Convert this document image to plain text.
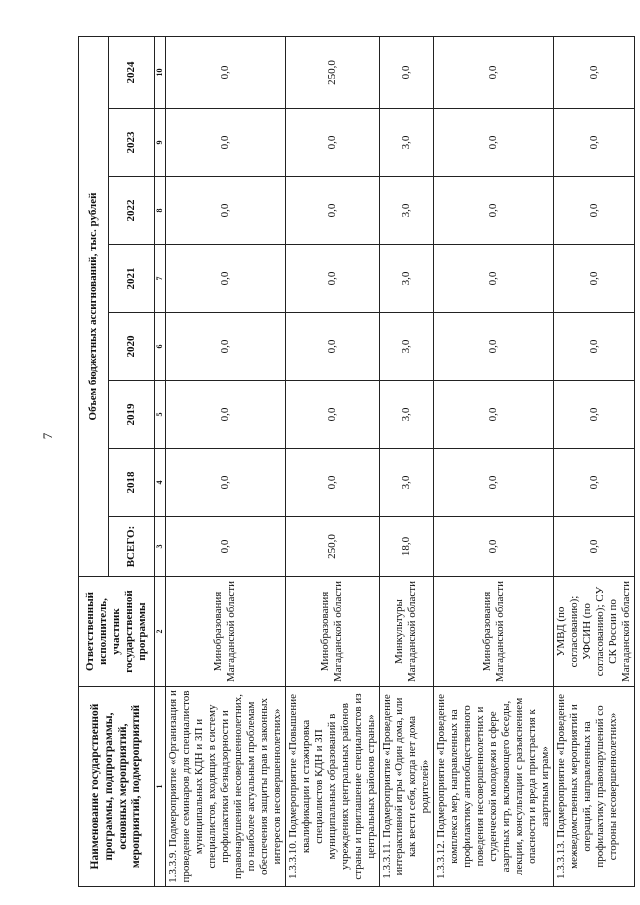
7
Наименование государственной программы, подпрограммы, основных мероприятий, мероприятий, подмероприятий	Ответственный исполнитель, участник государственной программы	Объем бюджетных ассигнований, тыс. рублей							
		ВСЕГО:	2018	2019	2020	2021	2022	2023	2024
1	2	3	4	5	6	7	8	9	10
1.3.3.9. Подмероприятие «Организация и проведение семинаров для специалистов муниципальных КДН и ЗП и специалистов, входящих в систему профилактики безнадзорности и правонарушений несовершеннолетних, по наиболее актуальным проблемам обеспечения защиты прав и законных интересов несовершеннолетних»	Минобразования Магаданской области	0,0	0,0	0,0	0,0	0,0	0,0	0,0	0,0
1.3.3.10. Подмероприятие «Повышение квалификации и стажировка специалистов КДН и ЗП муниципальных образований в учреждениях центральных районов страны и приглашение специалистов из центральных районов страны»	Минобразования Магаданской области	250,0	0,0	0,0	0,0	0,0	0,0	0,0	250,0
1.3.3.11. Подмероприятие «Проведение интерактивной игры «Один дома, или как вести себя, когда нет дома родителей»	Минкультуры Магаданской области	18,0	3,0	3,0	3,0	3,0	3,0	3,0	0,0
1.3.3.12. Подмероприятие «Проведение комплекса мер, направленных на профилактику антиобщественного поведения несовершеннолетних и студенческой молодежи в сфере азартных игр, включающего беседы, лекции, консультации с разъяснением опасности и вреда пристрастия к азартным играм»	Минобразования Магаданской области	0,0	0,0	0,0	0,0	0,0	0,0	0,0	0,0
1.3.3.13. Подмероприятие «Проведение межведомственных мероприятий и операций, направленных на профилактику правонарушений со стороны несовершеннолетних»	УМВД (по согласованию); УФСИН (по согласованию); СУ СК России по Магаданской области	0,0	0,0	0,0	0,0	0,0	0,0	0,0	0,0
